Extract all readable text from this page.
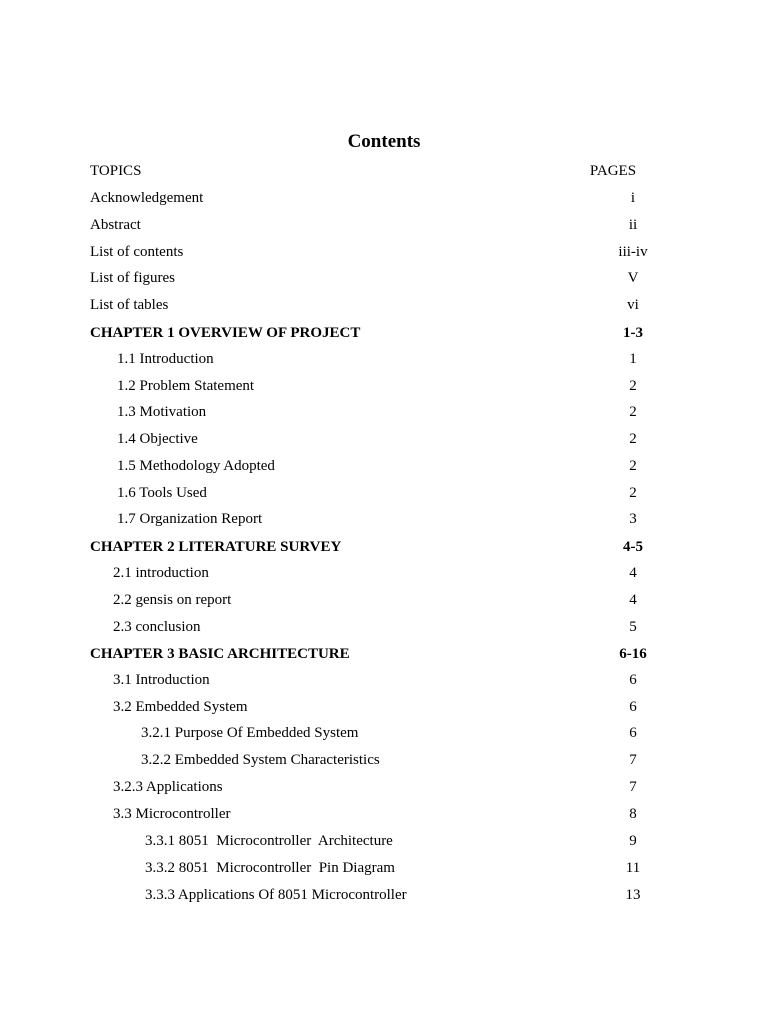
Contents
TOPICS	PAGES
Acknowledgement	i
Abstract	ii
List of contents	iii-iv
List of figures	V
List of tables	vi
CHAPTER 1 OVERVIEW OF PROJECT	1-3
1.1 Introduction	1
1.2 Problem Statement	2
1.3 Motivation	2
1.4 Objective	2
1.5 Methodology Adopted	2
1.6 Tools Used	2
1.7 Organization Report	3
CHAPTER 2 LITERATURE SURVEY	4-5
2.1 introduction	4
2.2 gensis on report	4
2.3 conclusion	5
CHAPTER 3 BASIC ARCHITECTURE	6-16
3.1 Introduction	6
3.2 Embedded System	6
3.2.1 Purpose Of Embedded System	6
3.2.2 Embedded System Characteristics	7
3.2.3 Applications	7
3.3 Microcontroller	8
3.3.1 8051  Microcontroller  Architecture	9
3.3.2 8051  Microcontroller  Pin Diagram	11
3.3.3 Applications Of 8051 Microcontroller	13
